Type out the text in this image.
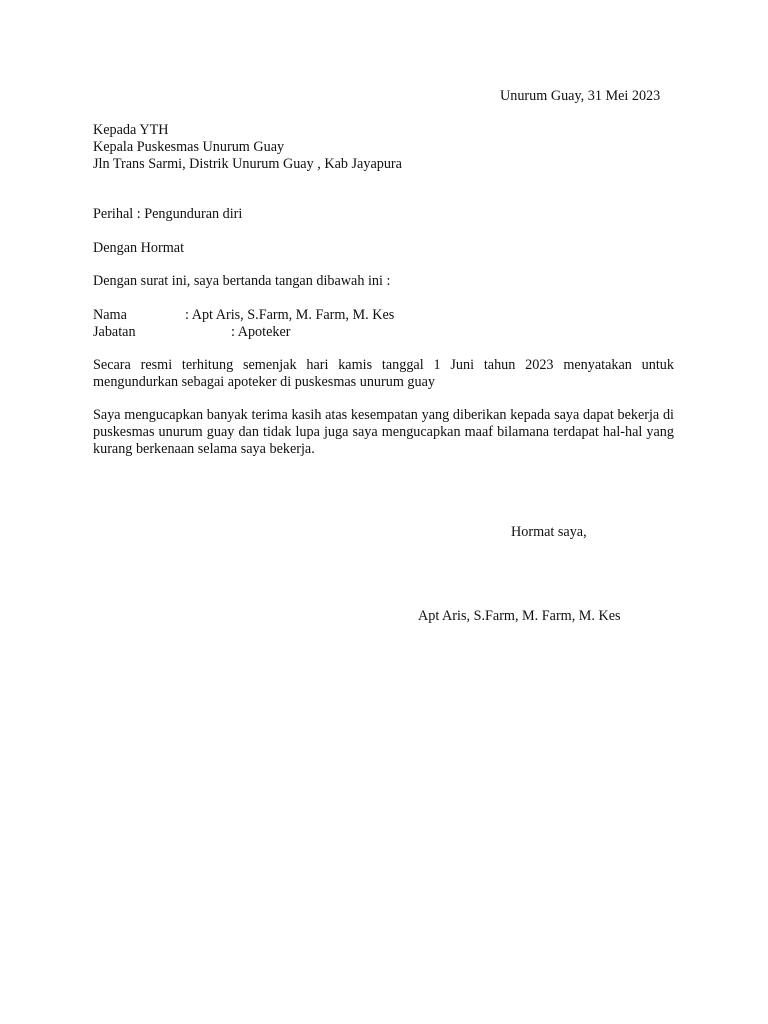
Unurum Guay, 31 Mei 2023
Kepada YTH
Kepala Puskesmas Unurum Guay
Jln Trans Sarmi, Distrik Unurum Guay , Kab Jayapura
Perihal : Pengunduran diri
Dengan Hormat
Dengan surat ini, saya bertanda tangan dibawah ini :
Nama	: Apt Aris, S.Farm, M. Farm, M. Kes
Jabatan	: Apoteker
Secara resmi terhitung semenjak hari kamis tanggal 1 Juni tahun 2023 menyatakan untuk mengundurkan sebagai apoteker di puskesmas unurum guay
Saya mengucapkan banyak terima kasih atas kesempatan yang diberikan kepada saya dapat bekerja di puskesmas unurum guay dan tidak lupa juga saya mengucapkan maaf bilamana terdapat hal-hal yang kurang berkenaan selama saya bekerja.
Hormat saya,
Apt Aris, S.Farm, M. Farm, M. Kes
